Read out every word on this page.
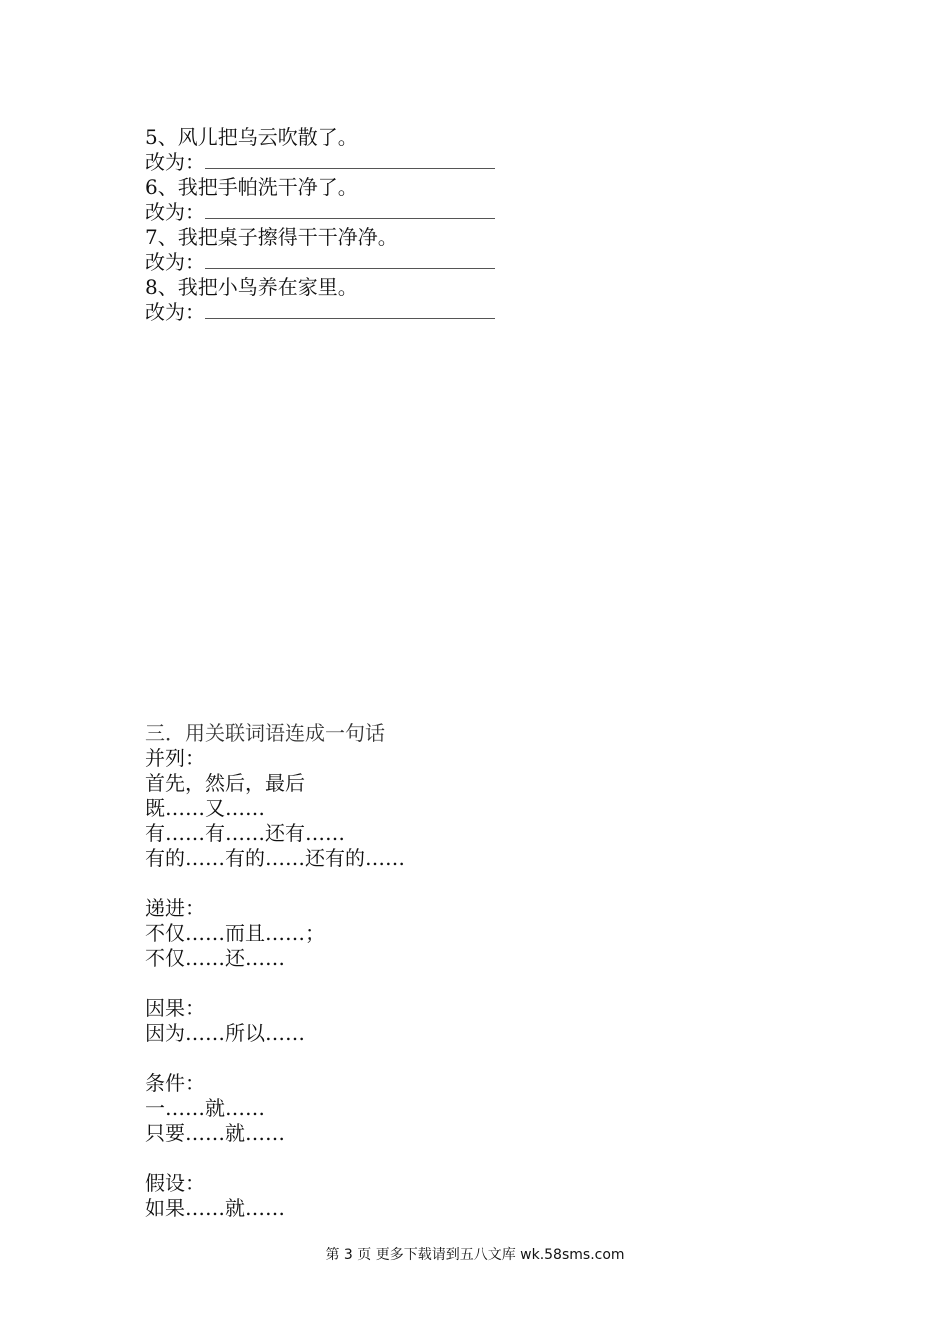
5、风儿把乌云吹散了。
改为：
6、我把手帕洗干净了。
改为：
7、我把桌子擦得干干净净。
改为：
8、我把小鸟养在家里。
改为：
三．用关联词语连成一句话
并列：
首先，然后，最后
既……又……
有……有……还有……
有的……有的……还有的……
递进：
不仅……而且……；
不仅……还……
因果：
因为……所以……
条件：
一……就……
只要……就……
假设：
如果……就……
第 3 页 更多下载请到五八文库 wk.58sms.com
